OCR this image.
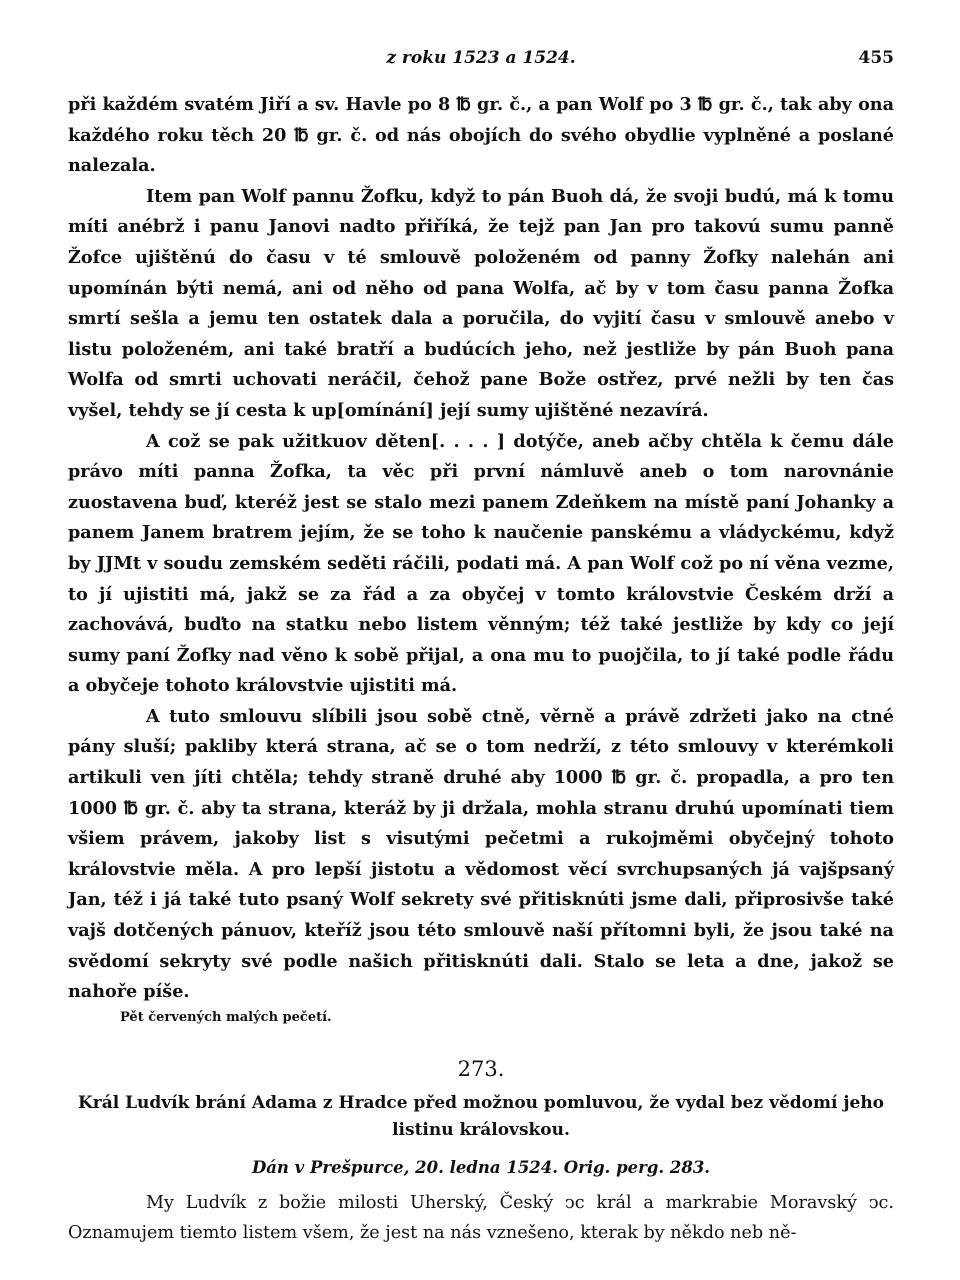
z roku 1523 a 1524.	455

při každém svatém Jiří a sv. Havle po 8 ℔ gr. č., a pan Wolf po 3 ℔ gr. č., tak aby ona každého roku těch 20 ℔ gr. č. od nás obojích do svého obydlie vyplněné a poslané nalezala.

Item pan Wolf pannu Žofku, když to pán Buoh dá, že svoji budú, má k tomu míti anébrž i panu Janovi nadto přiříká, že tejž pan Jan pro takovú sumu panně Žofce ujištěnú do času v té smlouvě položeném od panny Žofky nalehán ani upomínán býti nemá, ani od něho od pana Wolfa, ač by v tom času panna Žofka smrtí sešla a jemu ten ostatek dala a poručila, do vyjití času v smlouvě anebo v listu položeném, ani také bratří a budúcích jeho, než jestliže by pán Buoh pana Wolfa od smrti uchovati neráčil, čehož pane Bože ostřez, prvé nežli by ten čas vyšel, tehdy se jí cesta k up[omínání] její sumy ujištěné nezavírá.

A což se pak užitkuov děten[. . . . ] dotýče, aneb ačby chtěla k čemu dále právo míti panna Žofka, ta věc při první námluvě aneb o tom narovnánie zuostavena buď, kteréž jest se stalo mezi panem Zdeňkem na místě paní Johanky a panem Janem bratrem jejím, že se toho k naučenie panskému a vládyckému, když by JJMt v soudu zemském seděti ráčili, podati má. A pan Wolf což po ní věna vezme, to jí ujistiti má, jakž se za řád a za obyčej v tomto královstvie Českém drží a zachovává, buďto na statku nebo listem věnným; též také jestliže by kdy co její sumy paní Žofky nad věno k sobě přijal, a ona mu to puojčila, to jí také podle řádu a obyčeje tohoto královstvie ujistiti má.

A tuto smlouvu slíbili jsou sobě ctně, věrně a právě zdržeti jako na ctné pány sluší; pakliby která strana, ač se o tom nedrží, z této smlouvy v kterémkoli artikuli ven jíti chtěla; tehdy straně druhé aby 1000 ℔ gr. č. propadla, a pro ten 1000 ℔ gr. č. aby ta strana, kteráž by ji držala, mohla stranu druhú upomínati tiem všiem právem, jakoby list s visutými pečetmi a rukojměmi obyčejný tohoto královstvie měla. A pro lepší jistotu a vědomost věcí svrchupsaných já vajšpsaný Jan, též i já také tuto psaný Wolf sekrety své přitisknúti jsme dali, připrosivše také vajš dotčených pánuov, kteříž jsou této smlouvě naší přítomni byli, že jsou také na svědomí sekryty své podle našich přitisknúti dali. Stalo se leta a dne, jakož se nahoře píše.

Pět červených malých pečetí.
273.
Král Ludvík brání Adama z Hradce před možnou pomluvou, že vydal bez vědomí jeho listinu královskou.
Dán v Prešpurce, 20. ledna 1524. Orig. perg. 283.

My Ludvík z božie milosti Uherský, Český ↄc král a markrabie Moravský ↄc. Oznamujem tiemto listem všem, že jest na nás vznešeno, kterak by někdo neb ně-
